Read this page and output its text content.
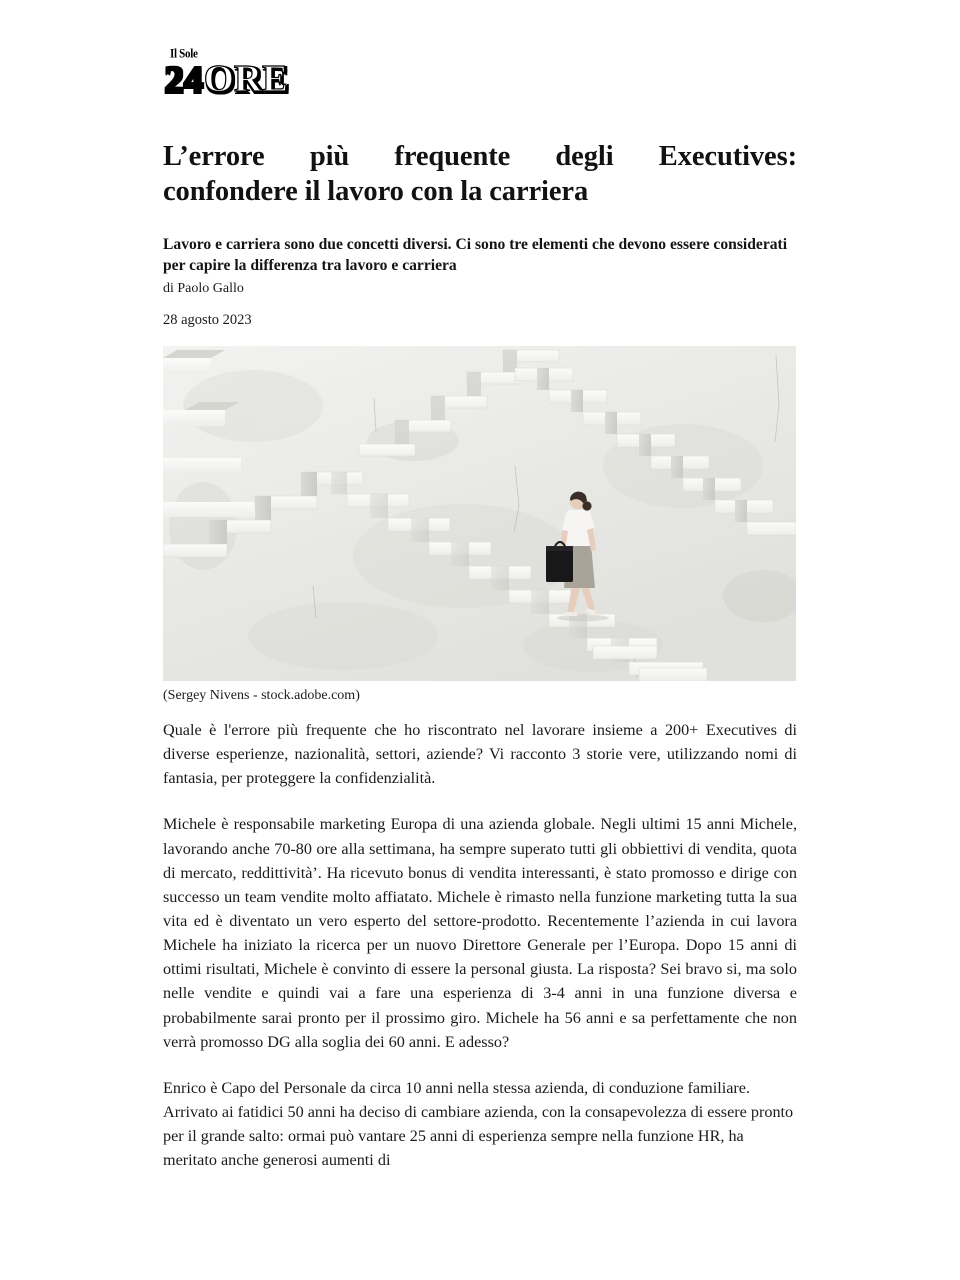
Il Sole
24ORE
L’errore più frequente degli Executives:
confondere il lavoro con la carriera

Lavoro e carriera sono due concetti diversi. Ci sono tre elementi che devono essere considerati per capire la differenza tra lavoro e carriera

di Paolo Gallo
28 agosto 2023
(Sergey Nivens - stock.adobe.com)

Quale è l'errore più frequente che ho riscontrato nel lavorare insieme a 200+ Executives di diverse esperienze, nazionalità, settori, aziende? Vi racconto 3 storie vere, utilizzando nomi di fantasia, per proteggere la confidenzialità.

Michele è responsabile marketing Europa di una azienda globale. Negli ultimi 15 anni Michele, lavorando anche 70-80 ore alla settimana, ha sempre superato tutti gli obbiettivi di vendita, quota di mercato, reddittività’. Ha ricevuto bonus di vendita interessanti, è stato promosso e dirige con successo un team vendite molto affiatato. Michele è rimasto nella funzione marketing tutta la sua vita ed è diventato un vero esperto del settore-prodotto. Recentemente l’azienda in cui lavora Michele ha iniziato la ricerca per un nuovo Direttore Generale per l’Europa. Dopo 15 anni di ottimi risultati, Michele è convinto di essere la personal giusta. La risposta? Sei bravo si, ma solo nelle vendite e quindi vai a fare una esperienza di 3-4 anni in una funzione diversa e probabilmente sarai pronto per il prossimo giro. Michele ha 56 anni e sa perfettamente che non verrà promosso DG alla soglia dei 60 anni. E adesso?

Enrico è Capo del Personale da circa 10 anni nella stessa azienda, di conduzione familiare. Arrivato ai fatidici 50 anni ha deciso di cambiare azienda, con la consapevolezza di essere pronto per il grande salto: ormai può vantare 25 anni di esperienza sempre nella funzione HR, ha meritato anche generosi aumenti di
